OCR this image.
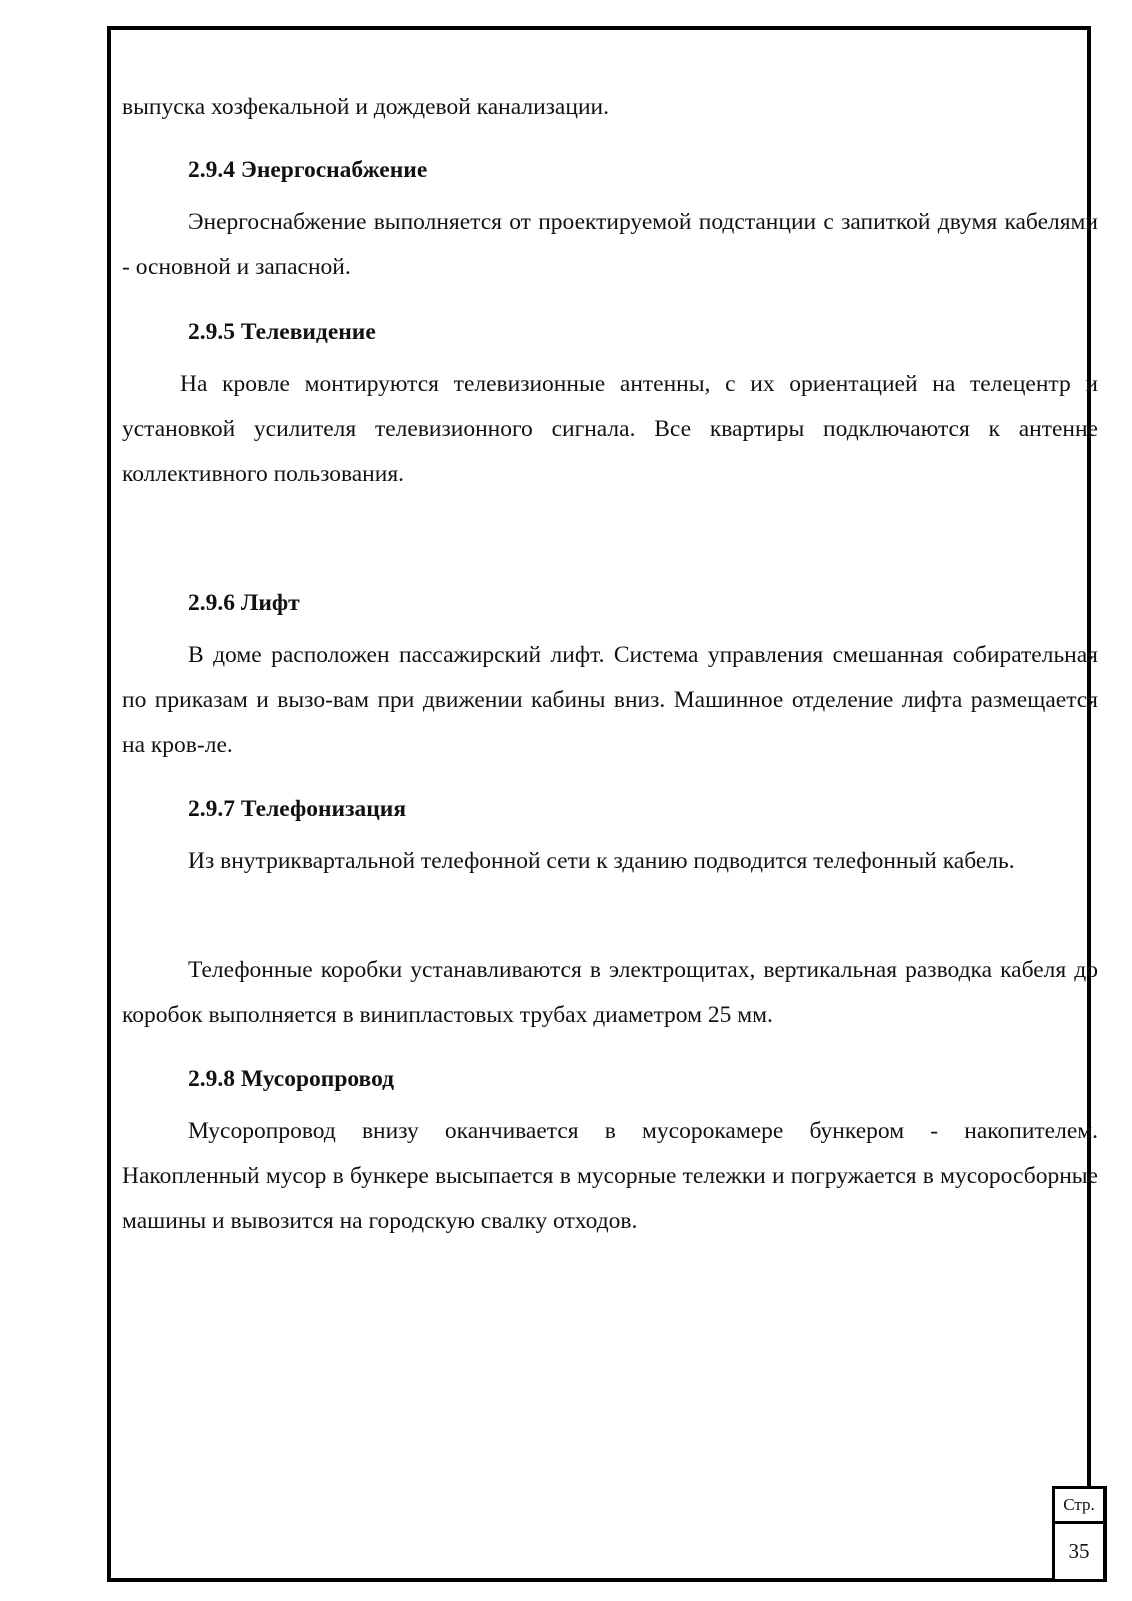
выпуска хозфекальной и дождевой канализации.

2.9.4 Энергоснабжение

Энергоснабжение выполняется от проектируемой подстанции с запиткой двумя кабелями - основной и запасной.

2.9.5 Телевидение

На кровле монтируются телевизионные антенны, с их ориентацией на телецентр и установкой усилителя телевизионного сигнала. Все квартиры подключаются к антенне коллективного пользования.

2.9.6 Лифт

В доме расположен пассажирский лифт. Система управления смешанная собирательная по приказам и вызо-вам при движении кабины вниз. Машинное отделение лифта размещается на кров-ле.

2.9.7 Телефонизация

Из внутриквартальной телефонной сети к зданию подводится телефонный кабель.

Телефонные коробки устанавливаются в электрощитах, вертикальная разводка кабеля до коробок выполняется в винипластовых трубах диаметром 25 мм.

2.9.8 Мусоропровод

Мусоропровод внизу оканчивается в мусорокамере бункером - накопителем. Накопленный мусор в бункере высыпается в мусорные тележки и погружается в мусоросборные машины и вывозится на городскую свалку отходов.

Стр.
35
